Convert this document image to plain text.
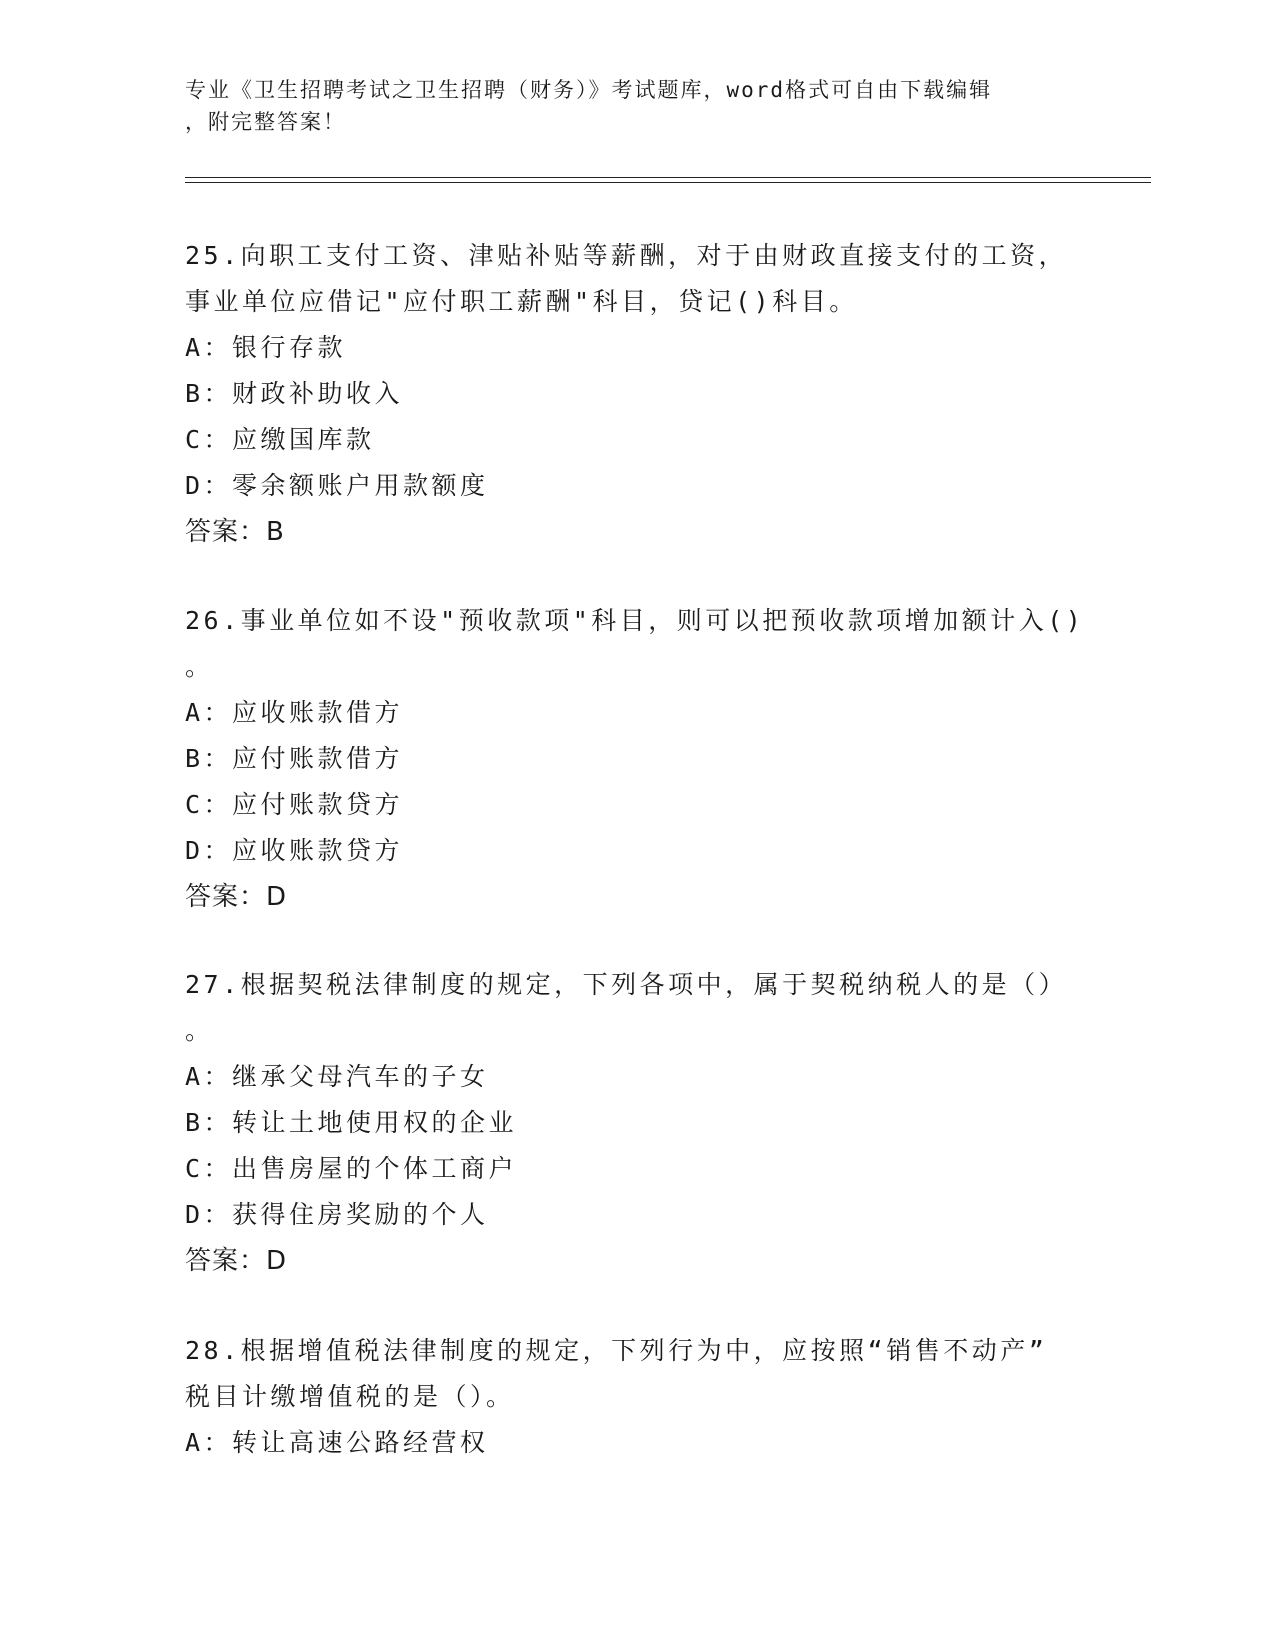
专业《卫生招聘考试之卫生招聘（财务）》考试题库，word格式可自由下载编辑

，附完整答案！

25.向职工支付工资、津贴补贴等薪酬，对于由财政直接支付的工资，

事业单位应借记"应付职工薪酬"科目，贷记()科目。

A：银行存款

B：财政补助收入

C：应缴国库款

D：零余额账户用款额度

答案：B

26.事业单位如不设"预收款项"科目，则可以把预收款项增加额计入()

。

A：应收账款借方

B：应付账款借方

C：应付账款贷方

D：应收账款贷方

答案：D

27.根据契税法律制度的规定，下列各项中，属于契税纳税人的是（）

。

A：继承父母汽车的子女

B：转让土地使用权的企业

C：出售房屋的个体工商户

D：获得住房奖励的个人

答案：D

28.根据增值税法律制度的规定，下列行为中，应按照“销售不动产”

税目计缴增值税的是（）。

A：转让高速公路经营权
